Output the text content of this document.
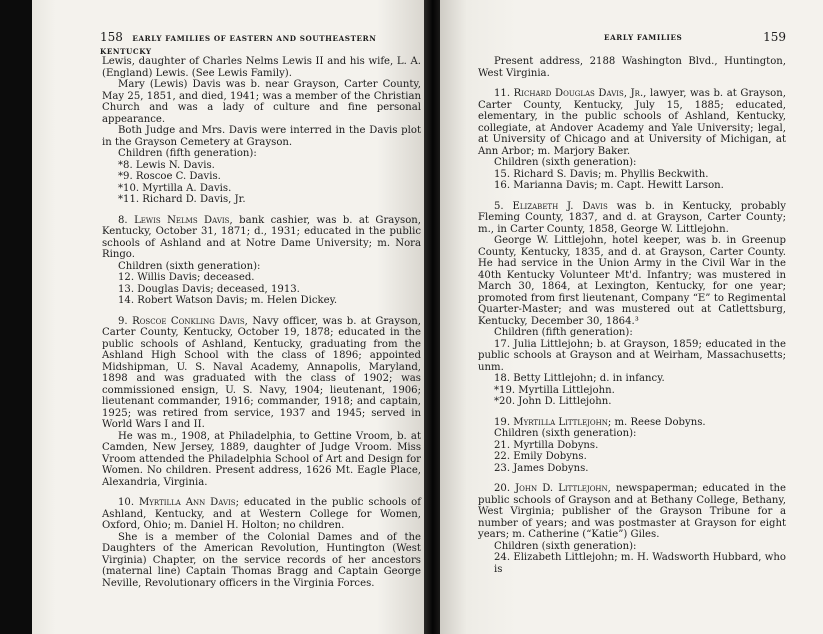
158 EARLY FAMILIES OF EASTERN AND SOUTHEASTERN KENTUCKY

Lewis, daughter of Charles Nelms Lewis II and his wife, L. A. (England) Lewis. (See Lewis Family).

Mary (Lewis) Davis was b. near Grayson, Carter County, May 25, 1851, and died, 1941; was a member of the Christian Church and was a lady of culture and fine personal appearance.

Both Judge and Mrs. Davis were interred in the Davis plot in the Grayson Cemetery at Grayson.

Children (fifth generation):

*8. Lewis N. Davis.

*9. Roscoe C. Davis.

*10. Myrtilla A. Davis.

*11. Richard D. Davis, Jr.

8. Lewis Nelms Davis, bank cashier, was b. at Grayson, Kentucky, October 31, 1871; d., 1931; educated in the public schools of Ashland and at Notre Dame University; m. Nora Ringo.

Children (sixth generation):

12. Willis Davis; deceased.

13. Douglas Davis; deceased, 1913.

14. Robert Watson Davis; m. Helen Dickey.

9. Roscoe Conkling Davis, Navy officer, was b. at Grayson, Carter County, Kentucky, October 19, 1878; educated in the public schools of Ashland, Kentucky, graduating from the Ashland High School with the class of 1896; appointed Midshipman, U. S. Naval Academy, Annapolis, Maryland, 1898 and was graduated with the class of 1902; was commissioned ensign, U. S. Navy, 1904; lieutenant, 1906; lieutenant commander, 1916; commander, 1918; and captain, 1925; was retired from service, 1937 and 1945; served in World Wars I and II.

He was m., 1908, at Philadelphia, to Gettine Vroom, b. at Camden, New Jersey, 1889, daughter of Judge Vroom. Miss Vroom attended the Philadelphia School of Art and Design for Women. No children. Present address, 1626 Mt. Eagle Place, Alexandria, Virginia.

10. Myrtilla Ann Davis; educated in the public schools of Ashland, Kentucky, and at Western College for Women, Oxford, Ohio; m. Daniel H. Holton; no children.

She is a member of the Colonial Dames and of the Daughters of the American Revolution, Huntington (West Virginia) Chapter, on the service records of her ancestors (maternal line) Captain Thomas Bragg and Captain George Neville, Revolutionary officers in the Virginia Forces.

EARLY FAMILIES	159

Present address, 2188 Washington Blvd., Huntington, West Virginia.

11. Richard Douglas Davis, Jr., lawyer, was b. at Grayson, Carter County, Kentucky, July 15, 1885; educated, elementary, in the public schools of Ashland, Kentucky, collegiate, at Andover Academy and Yale University; legal, at University of Chicago and at University of Michigan, at Ann Arbor; m. Marjory Baker.

Children (sixth generation):

15. Richard S. Davis; m. Phyllis Beckwith.

16. Marianna Davis; m. Capt. Hewitt Larson.

5. Elizabeth J. Davis was b. in Kentucky, probably Fleming County, 1837, and d. at Grayson, Carter County; m., in Carter County, 1858, George W. Littlejohn.

George W. Littlejohn, hotel keeper, was b. in Greenup County, Kentucky, 1835, and d. at Grayson, Carter County. He had service in the Union Army in the Civil War in the 40th Kentucky Volunteer Mt'd. Infantry; was mustered in March 30, 1864, at Lexington, Kentucky, for one year; promoted from first lieutenant, Company “E” to Regimental Quarter-Master; and was mustered out at Catlettsburg, Kentucky, December 30, 1864.³

Children (fifth generation):

17. Julia Littlejohn; b. at Grayson, 1859; educated in the public schools at Grayson and at Weirham, Massachusetts; unm.

18. Betty Littlejohn; d. in infancy.

*19. Myrtilla Littlejohn.

*20. John D. Littlejohn.

19. Myrtilla Littlejohn; m. Reese Dobyns.

Children (sixth generation):

21. Myrtilla Dobyns.

22. Emily Dobyns.

23. James Dobyns.

20. John D. Littlejohn, newspaperman; educated in the public schools of Grayson and at Bethany College, Bethany, West Virginia; publisher of the Grayson Tribune for a number of years; and was postmaster at Grayson for eight years; m. Catherine (“Katie”) Giles.

Children (sixth generation):

24. Elizabeth Littlejohn; m. H. Wadsworth Hubbard, who is
